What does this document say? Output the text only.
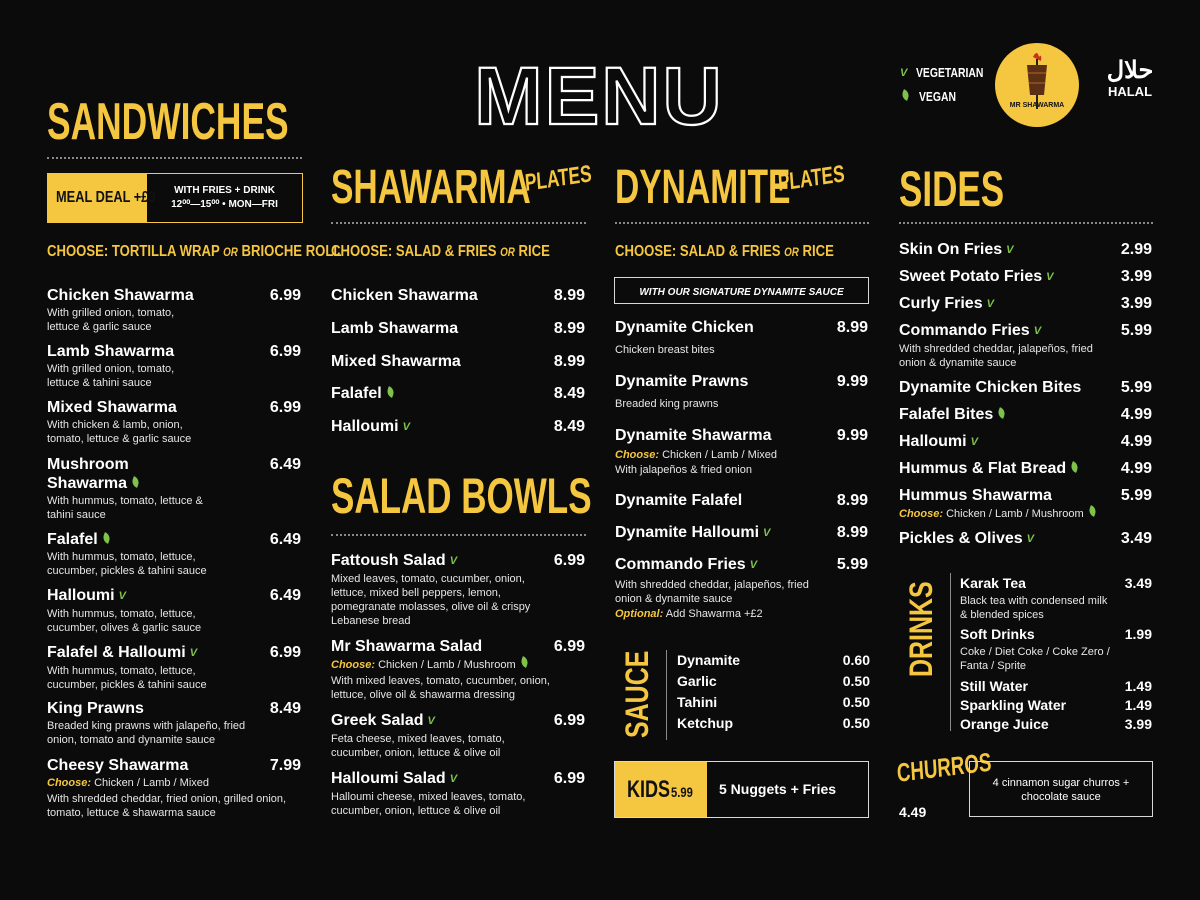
MENU	V VEGETARIAN
VEGAN
MR SHAWARMA
حلال
HALAL
SANDWICHES
MEAL DEAL +£3	WITH FRIES + DRINK
12⁰⁰—15⁰⁰ • MON—FRI
CHOOSE: TORTILLA WRAP OR BRIOCHE ROLL
Chicken Shawarma	6.99
With grilled onion, tomato, lettuce & garlic sauce
Lamb Shawarma	6.99
With grilled onion, tomato, lettuce & tahini sauce
Mixed Shawarma	6.99
With chicken & lamb, onion, tomato, lettuce & garlic sauce
Mushroom Shawarma
6.49
With hummus, tomato, lettuce & tahini sauce
Falafel	6.49
With hummus, tomato, lettuce, cucumber, pickles & tahini sauce
Halloumi V	6.49
With hummus, tomato, lettuce, cucumber, olives & garlic sauce
Falafel & Halloumi V	6.99
With hummus, tomato, lettuce, cucumber, pickles & tahini sauce
King Prawns	8.49
Breaded king prawns with jalapeño, fried onion, tomato and dynamite sauce
Cheesy Shawarma	7.99
Choose: Chicken / Lamb / Mixed
With shredded cheddar, fried onion, grilled onion, tomato, lettuce & shawarma sauce
SHAWARMA
PLATES
CHOOSE: SALAD & FRIES OR RICE
Chicken Shawarma	8.99
Lamb Shawarma	8.99
Mixed Shawarma	8.99
Falafel	8.49
Halloumi V	8.49
SALAD BOWLS
Fattoush Salad V	6.99
Mixed leaves, tomato, cucumber, onion, lettuce, mixed bell peppers, lemon, pomegranate molasses, olive oil & crispy Lebanese bread
Mr Shawarma Salad	6.99
Choose: Chicken / Lamb / Mushroom
With mixed leaves, tomato, cucumber, onion, lettuce, olive oil & shawarma dressing
Greek Salad V	6.99
Feta cheese, mixed leaves, tomato, cucumber, onion, lettuce & olive oil
Halloumi Salad V	6.99
Halloumi cheese, mixed leaves, tomato, cucumber, onion, lettuce & olive oil
DYNAMITE
PLATES
CHOOSE: SALAD & FRIES OR RICE
WITH OUR SIGNATURE DYNAMITE SAUCE
Dynamite Chicken	8.99
Chicken breast bites
Dynamite Prawns	9.99
Breaded king prawns
Dynamite Shawarma	9.99
Choose: Chicken / Lamb / Mixed
With jalapeños & fried onion
Dynamite Falafel	8.99
Dynamite Halloumi V	8.99
Commando Fries V	5.99
With shredded cheddar, jalapeños, fried onion & dynamite sauce
Optional: Add Shawarma +£2
SAUCE Dynamite	0.60
Garlic	0.50
Tahini	0.50
Ketchup	0.50
KIDS 5.99 5 Nuggets + Fries
SIDES
Skin On Fries V	2.99
Sweet Potato Fries V	3.99
Curly Fries V	3.99
Commando Fries V	5.99
With shredded cheddar, jalapeños, fried onion & dynamite sauce
Dynamite Chicken Bites	5.99
Falafel Bites	4.99
Halloumi V	4.99
Hummus & Flat Bread	4.99
Hummus Shawarma	5.99
Choose: Chicken / Lamb / Mushroom
Pickles & Olives V	3.49
DRINKS Karak Tea	3.49
Black tea with condensed milk & blended spices
Soft Drinks	1.99
Coke / Diet Coke / Coke Zero / Fanta / Sprite
Still Water	1.49
Sparkling Water	1.49
Orange Juice	3.99
CHURROS
4.49
4 cinnamon sugar churros + chocolate sauce
